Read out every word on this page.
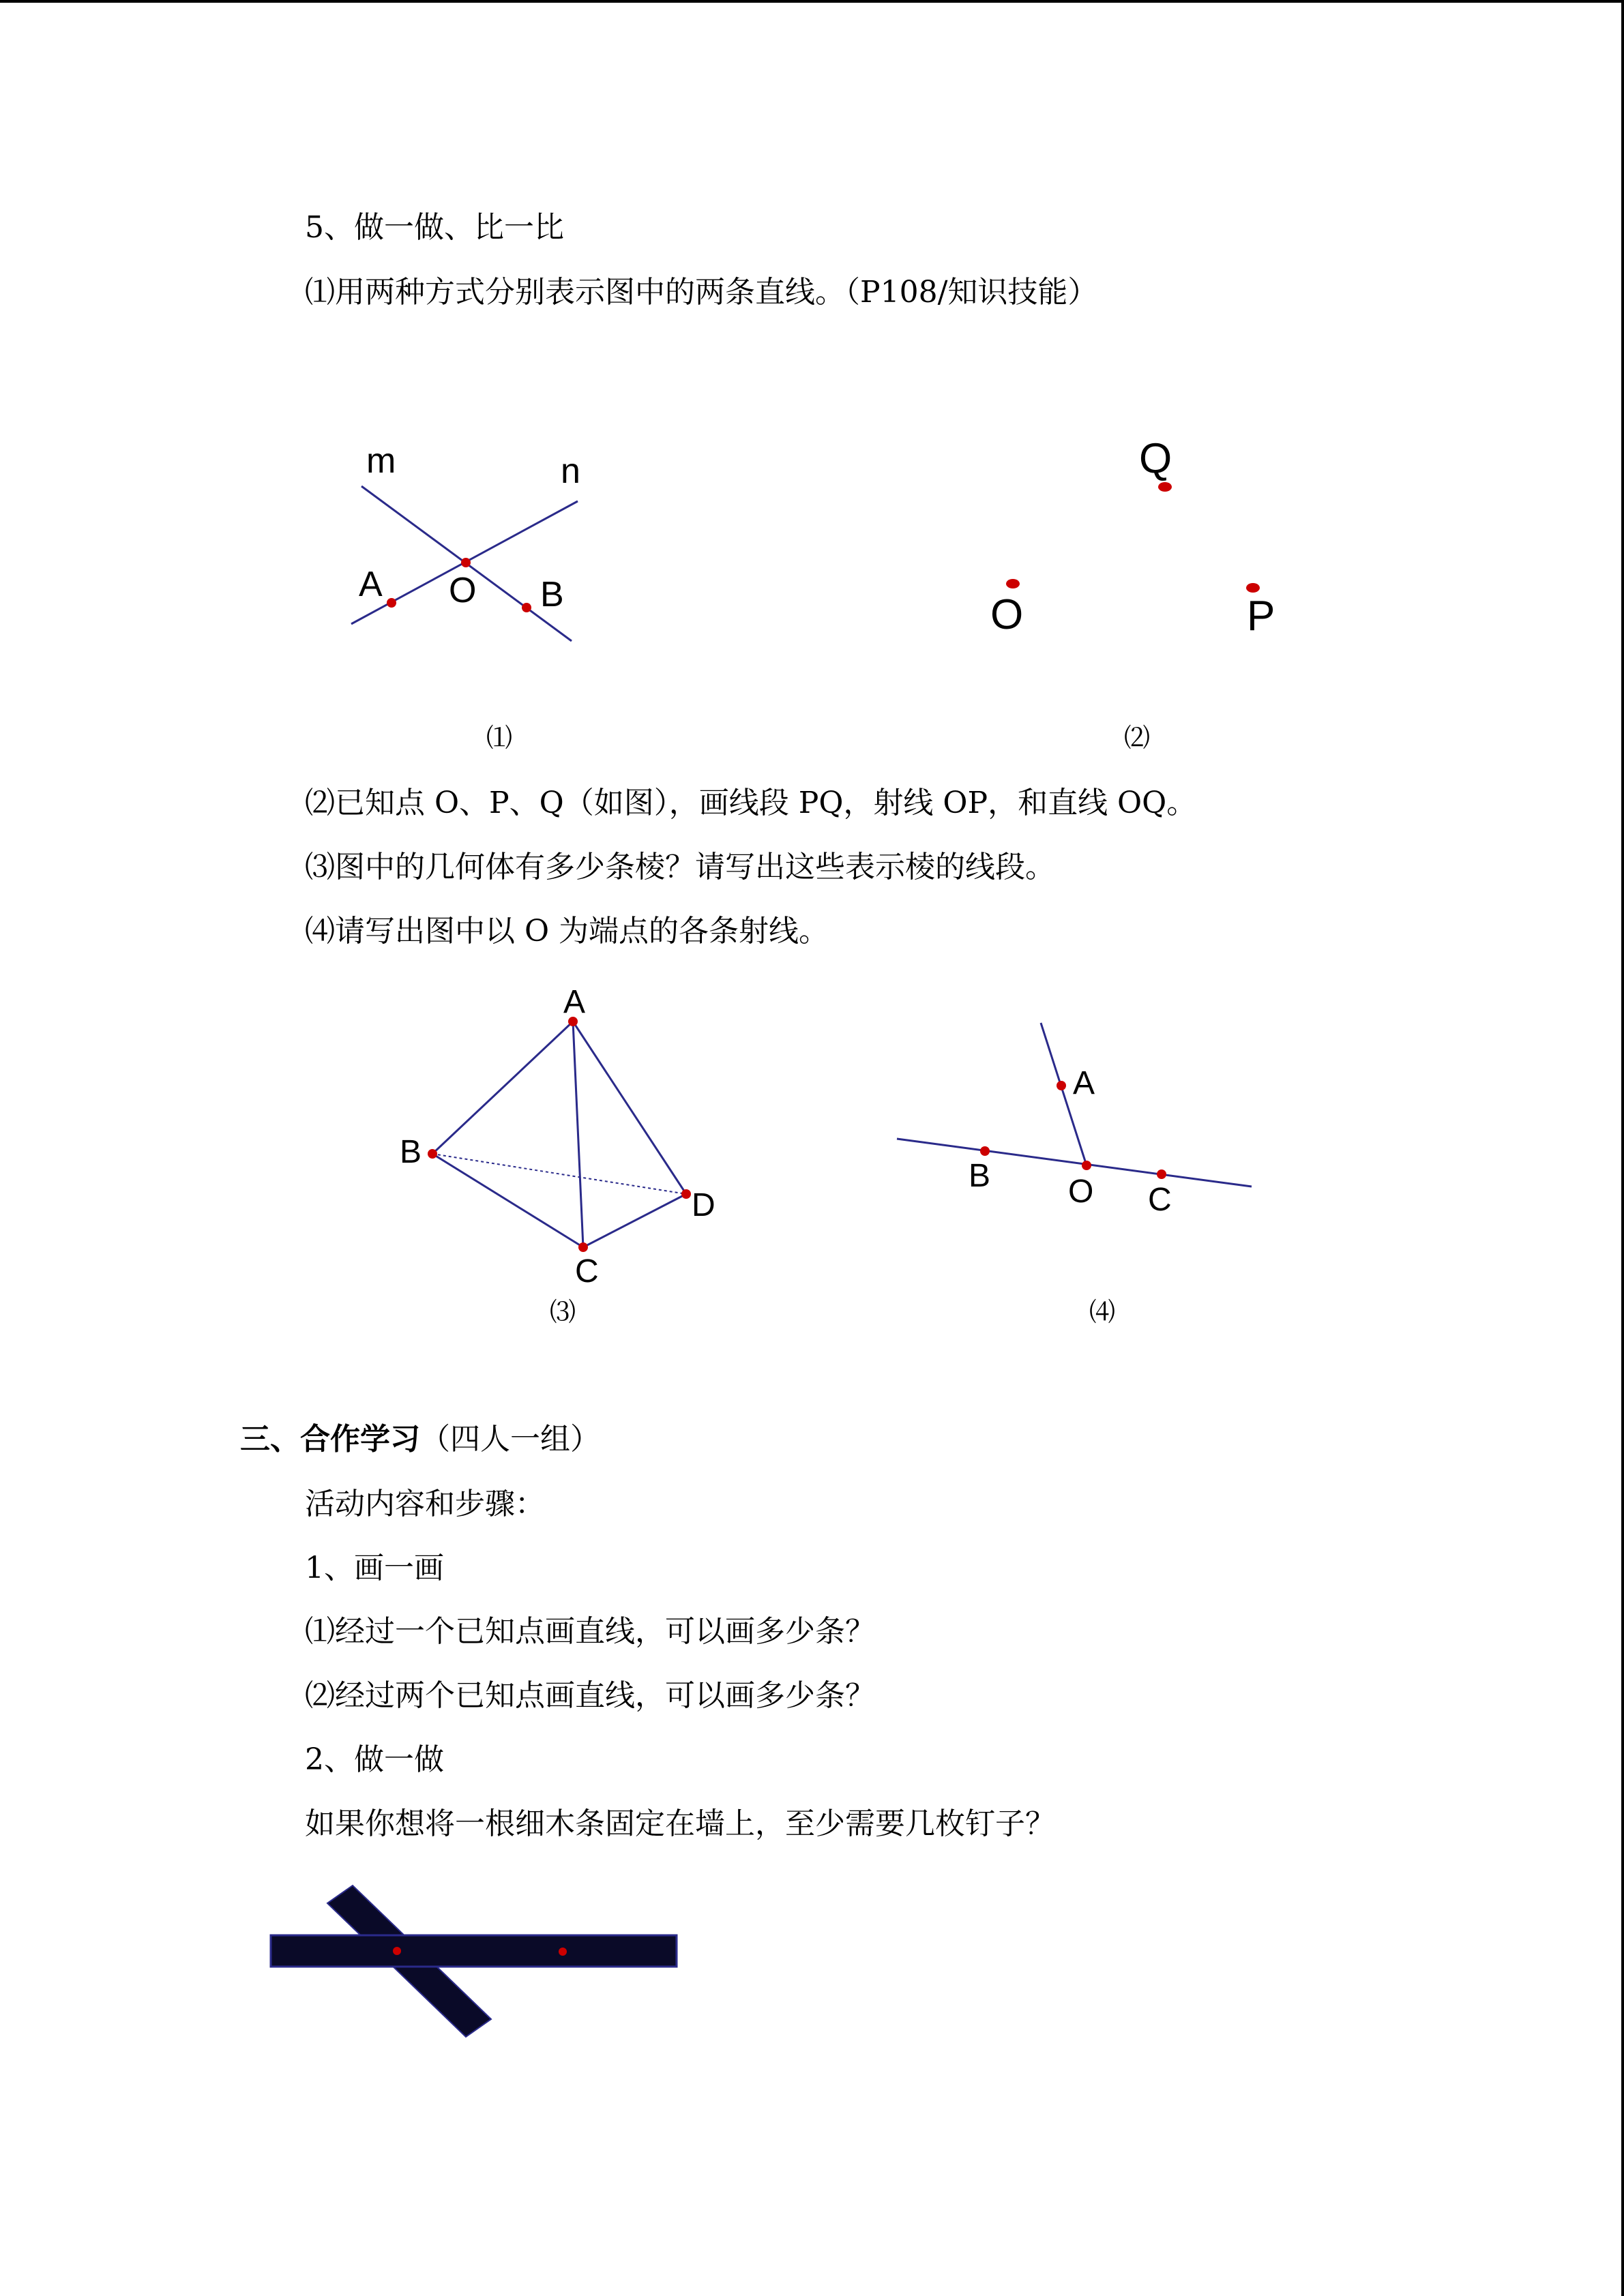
5、做一做、比一比
⑴用两种方式分别表示图中的两条直线。（P108/知识技能）
⑴	⑵
⑵已知点 O、P、Q（如图），画线段 PQ，射线 OP，和直线 OQ。
⑶图中的几何体有多少条棱？请写出这些表示棱的线段。
⑷请写出图中以 O 为端点的各条射线。
⑶	⑷
三、合作学习（四人一组）
活动内容和步骤：
1、画一画
⑴经过一个已知点画直线，可以画多少条？
⑵经过两个已知点画直线，可以画多少条？
2、做一做
如果你想将一根细木条固定在墙上，至少需要几枚钉子？
m	n
A O B
Q
O	P
A
B
C
D
A
B O C
